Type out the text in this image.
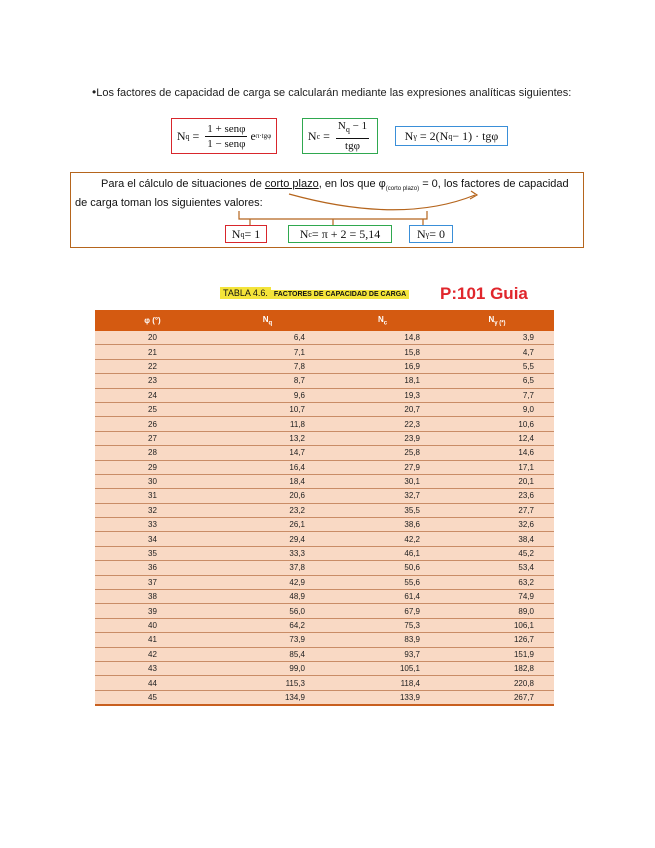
•Los factores de capacidad de carga se calcularán mediante las expresiones analíticas siguientes:
N $q = \frac{\text{1 + senφ}}{\text{1 − senφ}}$ e π·tgφ	N $c = \frac{N_q - 1}{\text{tgφ}}$	N γ = 2(N q − 1) · tgφ
Para el cálculo de situaciones de corto plazo, en los que $\varphi_{(corto plazo)} = 0$, los factores de capacidad
de carga toman los siguientes valores:
N q = 1	N c = π + 2 = 5,14	N γ = 0
TABLA 4.6. FACTORES DE CAPACIDAD DE CARGA P:101 Guia
φ (°)	$N_q$	$N_c$	$N_{\gamma (*)}$
20	6,4	14,8	3,9
21	7,1	15,8	4,7
22	7,8	16,9	5,5
23	8,7	18,1	6,5
24	9,6	19,3	7,7
25	10,7	20,7	9,0
26	11,8	22,3	10,6
27	13,2	23,9	12,4
28	14,7	25,8	14,6
29	16,4	27,9	17,1
30	18,4	30,1	20,1
31	20,6	32,7	23,6
32	23,2	35,5	27,7
33	26,1	38,6	32,6
34	29,4	42,2	38,4
35	33,3	46,1	45,2
36	37,8	50,6	53,4
37	42,9	55,6	63,2
38	48,9	61,4	74,9
39	56,0	67,9	89,0
40	64,2	75,3	106,1
41	73,9	83,9	126,7
42	85,4	93,7	151,9
43	99,0	105,1	182,8
44	115,3	118,4	220,8
45	134,9	133,9	267,7
